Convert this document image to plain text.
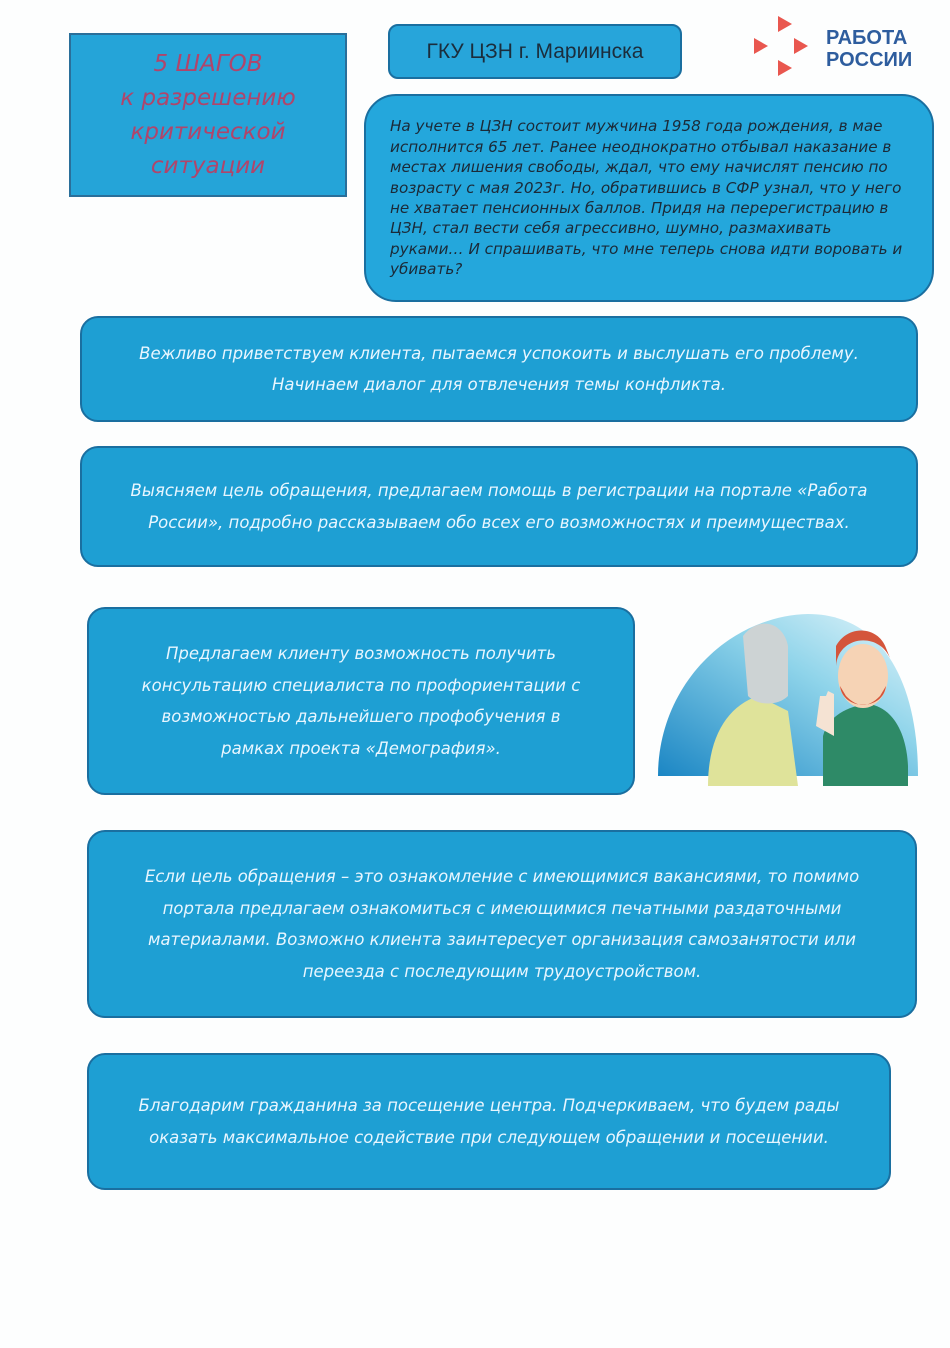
5 ШАГОВ
к разрешению
критической
ситуации
ГКУ ЦЗН г. Мариинска
РАБОТА
РОССИИ
На учете в ЦЗН состоит мужчина 1958 года рождения, в мае исполнится 65 лет. Ранее неоднократно отбывал наказание в местах лишения свободы, ждал, что ему начислят пенсию по возрасту с мая 2023г. Но, обратившись в СФР узнал, что у него не хватает пенсионных баллов. Придя на перерегистрацию в ЦЗН, стал вести себя агрессивно, шумно, размахивать руками… И спрашивать, что мне теперь снова идти воровать и убивать?
Вежливо приветствуем клиента, пытаемся успокоить и выслушать его проблему. Начинаем диалог для отвлечения темы конфликта.
Выясняем цель обращения, предлагаем помощь в регистрации на портале «Работа России», подробно рассказываем обо всех его возможностях и преимуществах.
Предлагаем клиенту возможность получить консультацию специалиста по профориентации с возможностью дальнейшего профобучения в рамках проекта «Демография».
Если цель обращения – это ознакомление с имеющимися вакансиями, то помимо портала предлагаем ознакомиться с имеющимися печатными раздаточными материалами. Возможно клиента заинтересует организация самозанятости или переезда с последующим трудоустройством.
Благодарим гражданина за посещение центра. Подчеркиваем, что будем рады оказать максимальное содействие при следующем обращении и посещении.
